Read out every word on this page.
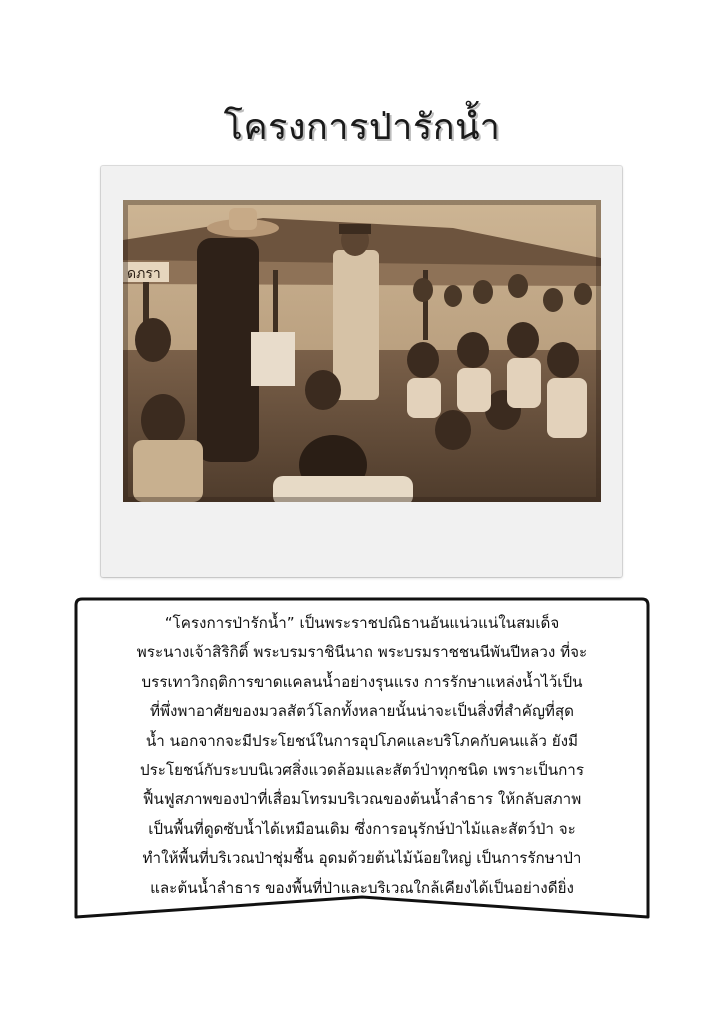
โครงการป่ารักน้ำ
ดภรา
“โครงการป่ารักน้ำ” เป็นพระราชปณิธานอันแน่วแน่ในสมเด็จ
พระนางเจ้าสิริกิติ์ พระบรมราชินีนาถ พระบรมราชชนนีพันปีหลวง ที่จะ
บรรเทาวิกฤติการขาดแคลนน้ำอย่างรุนแรง การรักษาแหล่งน้ำไว้เป็น
ที่พึ่งพาอาศัยของมวลสัตว์โลกทั้งหลายนั้นน่าจะเป็นสิ่งที่สำคัญที่สุด
น้ำ นอกจากจะมีประโยชน์ในการอุปโภคและบริโภคกับคนแล้ว ยังมี
ประโยชน์กับระบบนิเวศสิ่งแวดล้อมและสัตว์ป่าทุกชนิด เพราะเป็นการ
ฟื้นฟูสภาพของป่าที่เสื่อมโทรมบริเวณของต้นน้ำลำธาร ให้กลับสภาพ
เป็นพื้นที่ดูดซับน้ำได้เหมือนเดิม ซึ่งการอนุรักษ์ป่าไม้และสัตว์ป่า จะ
ทำให้พื้นที่บริเวณป่าชุ่มชื้น อุดมด้วยต้นไม้น้อยใหญ่ เป็นการรักษาป่า
และต้นน้ำลำธาร ของพื้นที่ป่าและบริเวณใกล้เคียงได้เป็นอย่างดียิ่ง
